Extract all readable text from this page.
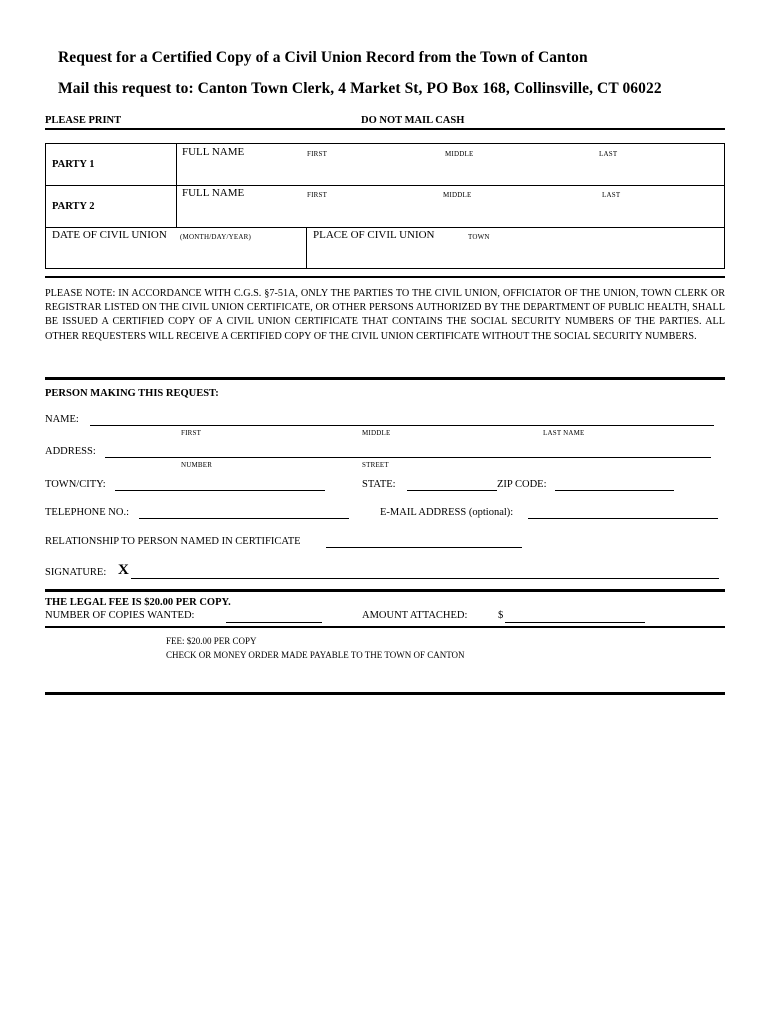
Request for a Certified Copy of a Civil Union Record from the Town of Canton
Mail this request to: Canton Town Clerk, 4 Market St, PO Box 168, Collinsville, CT 06022
PLEASE PRINT	DO NOT MAIL CASH
PARTY 1
FULL NAME	FIRST	MIDDLE	LAST
PARTY 2
FULL NAME	FIRST	MIDDLE	LAST
DATE OF CIVIL UNION (MONTH/DAY/YEAR)	PLACE OF CIVIL UNION	TOWN
PLEASE NOTE: IN ACCORDANCE WITH C.G.S. §7-51A, ONLY THE PARTIES TO THE CIVIL UNION, OFFICIATOR OF THE UNION, TOWN CLERK OR REGISTRAR LISTED ON THE CIVIL UNION CERTIFICATE, OR OTHER PERSONS AUTHORIZED BY THE DEPARTMENT OF PUBLIC HEALTH, SHALL BE ISSUED A CERTIFIED COPY OF A CIVIL UNION CERTIFICATE THAT CONTAINS THE SOCIAL SECURITY NUMBERS OF THE PARTIES. ALL OTHER REQUESTERS WILL RECEIVE A CERTIFIED COPY OF THE CIVIL UNION CERTIFICATE WITHOUT THE SOCIAL SECURITY NUMBERS.
PERSON MAKING THIS REQUEST:
NAME:
FIRST	MIDDLE	LAST NAME
ADDRESS:
NUMBER	STREET
TOWN/CITY:	STATE:	ZIP CODE:
TELEPHONE NO.:	E-MAIL ADDRESS (optional):
RELATIONSHIP TO PERSON NAMED IN CERTIFICATE
SIGNATURE: X
THE LEGAL FEE IS $20.00 PER COPY.
NUMBER OF COPIES WANTED:	AMOUNT ATTACHED:	$
FEE: $20.00 PER COPY
CHECK OR MONEY ORDER MADE PAYABLE TO THE TOWN OF CANTON
